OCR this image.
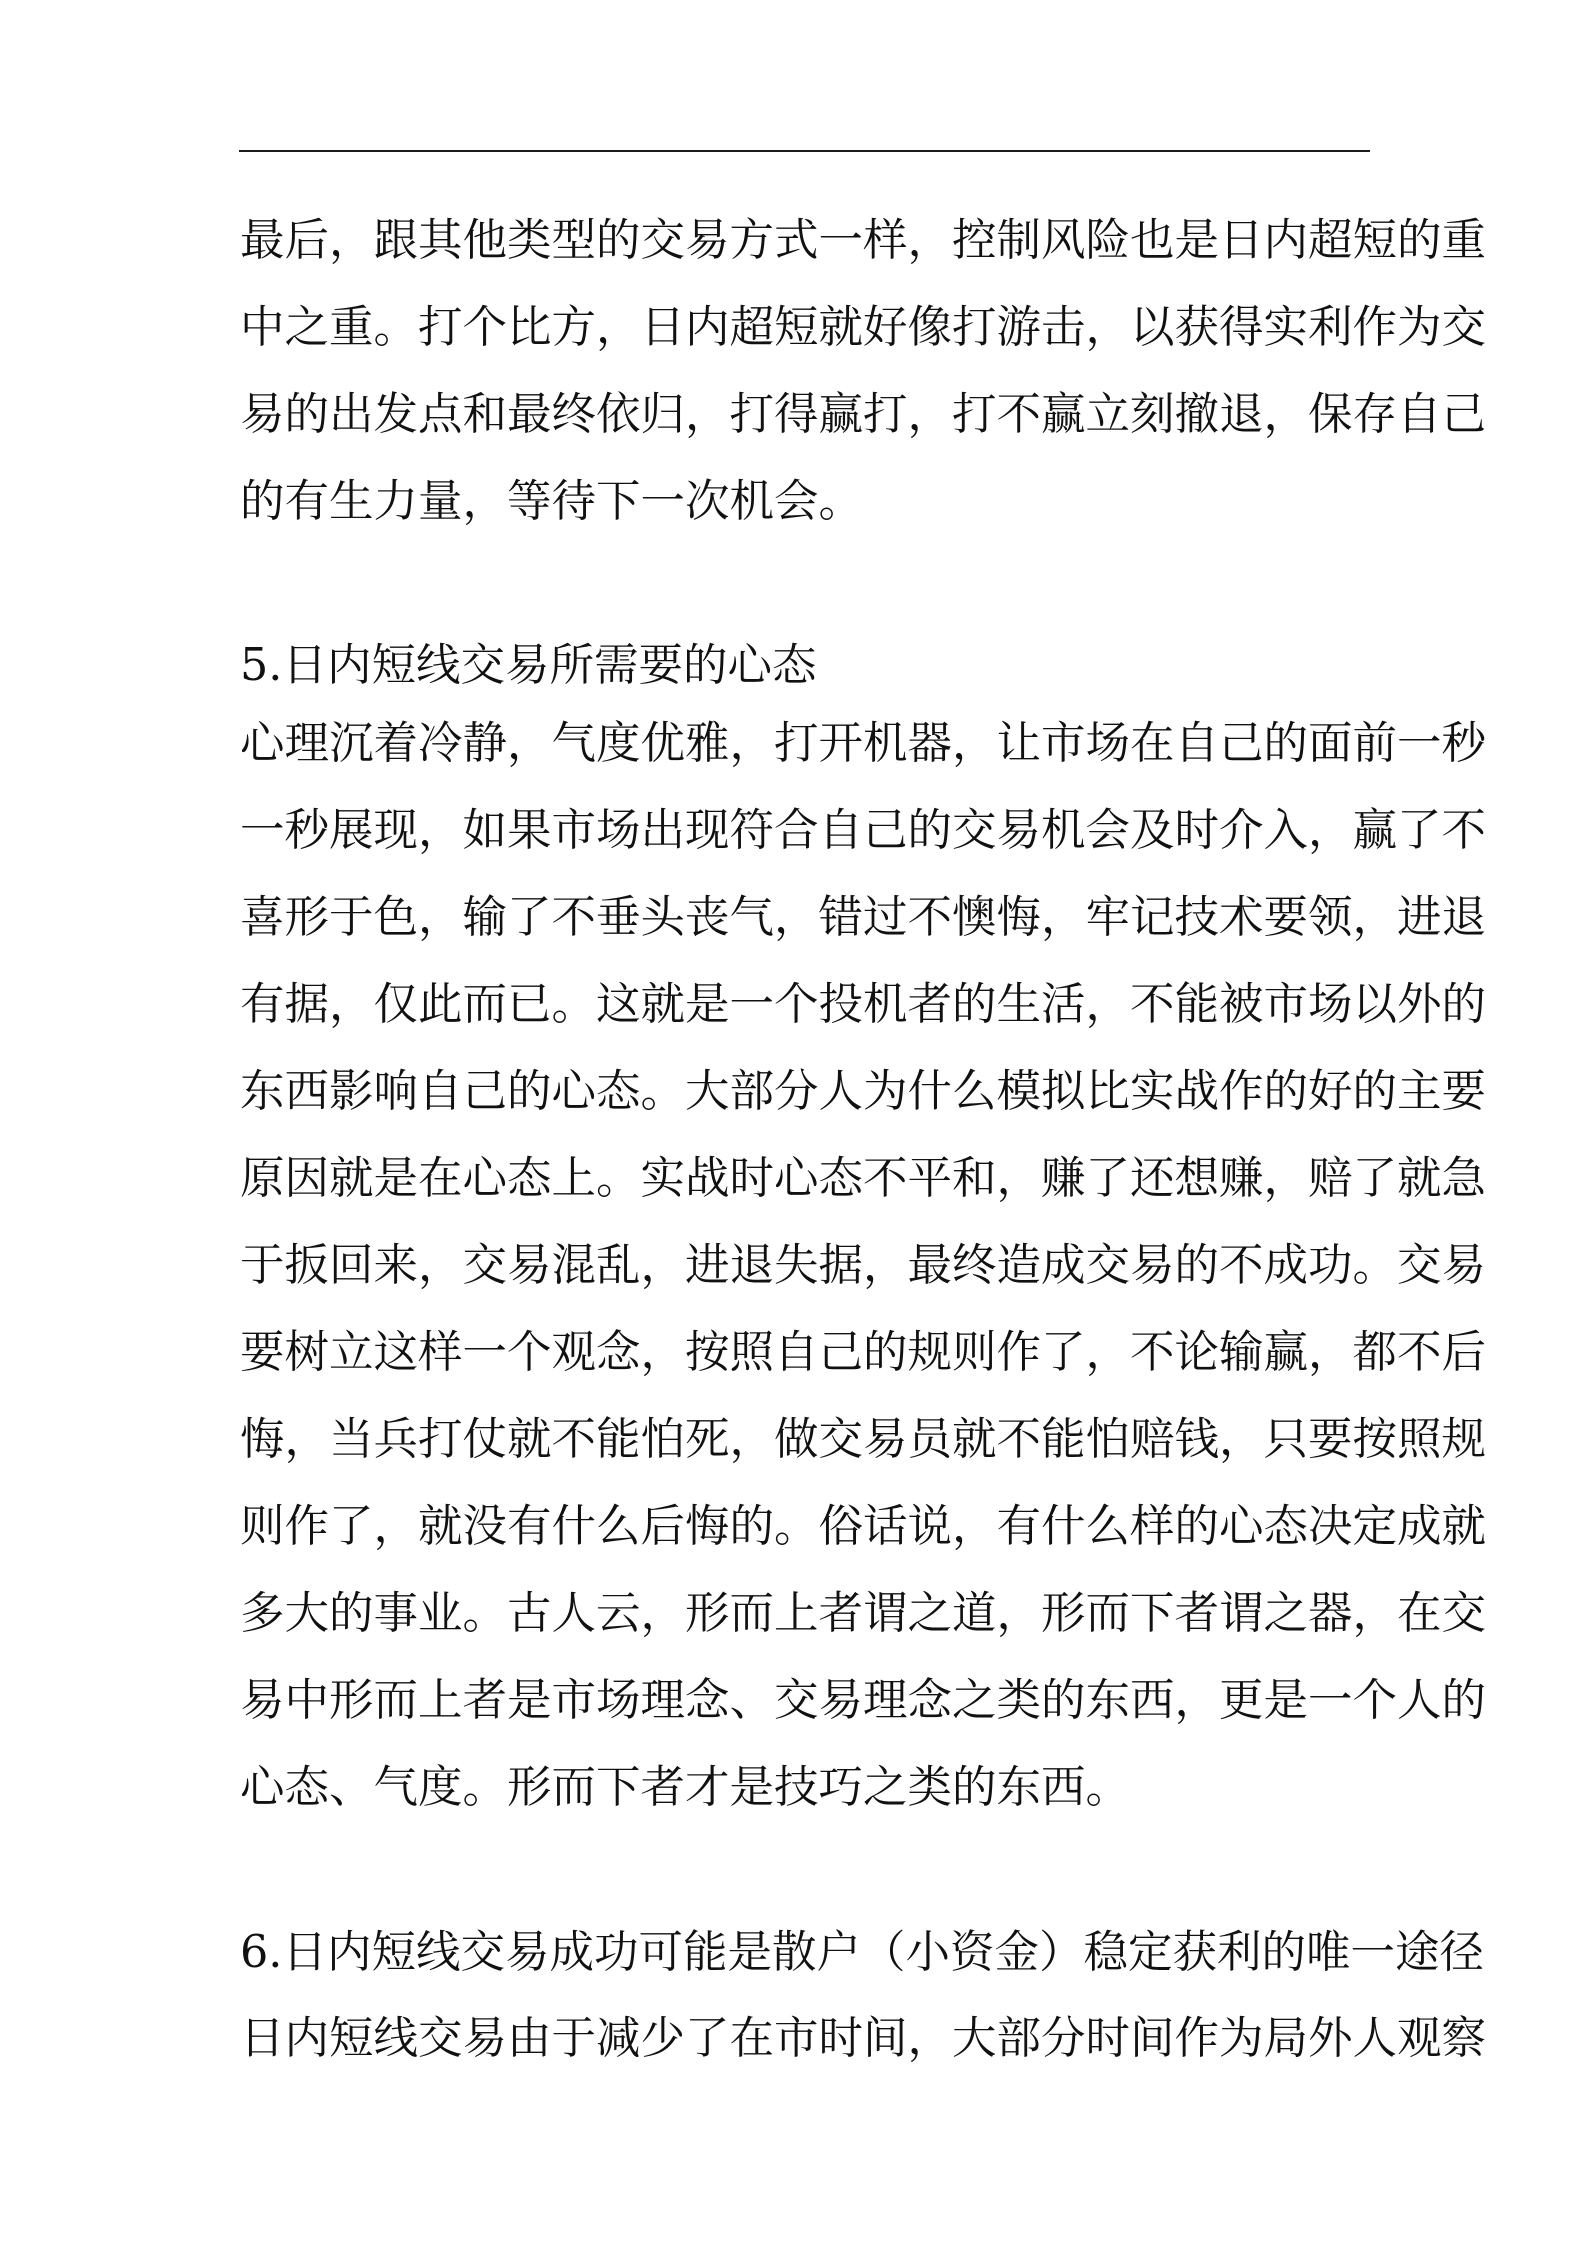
最后，跟其他类型的交易方式一样，控制风险也是日内超短的重

中之重。打个比方，日内超短就好像打游击，以获得实利作为交

易的出发点和最终依归，打得赢打，打不赢立刻撤退，保存自己

的有生力量，等待下一次机会。

5.日内短线交易所需要的心态

心理沉着冷静，气度优雅，打开机器，让市场在自己的面前一秒

一秒展现，如果市场出现符合自己的交易机会及时介入，赢了不

喜形于色，输了不垂头丧气，错过不懊悔，牢记技术要领，进退

有据，仅此而已。这就是一个投机者的生活，不能被市场以外的

东西影响自己的心态。大部分人为什么模拟比实战作的好的主要

原因就是在心态上。实战时心态不平和，赚了还想赚，赔了就急

于扳回来，交易混乱，进退失据，最终造成交易的不成功。交易

要树立这样一个观念，按照自己的规则作了，不论输赢，都不后

悔，当兵打仗就不能怕死，做交易员就不能怕赔钱，只要按照规

则作了，就没有什么后悔的。俗话说，有什么样的心态决定成就

多大的事业。古人云，形而上者谓之道，形而下者谓之器，在交

易中形而上者是市场理念、交易理念之类的东西，更是一个人的

心态、气度。形而下者才是技巧之类的东西。

6.日内短线交易成功可能是散户（小资金）稳定获利的唯一途径

日内短线交易由于减少了在市时间，大部分时间作为局外人观察
